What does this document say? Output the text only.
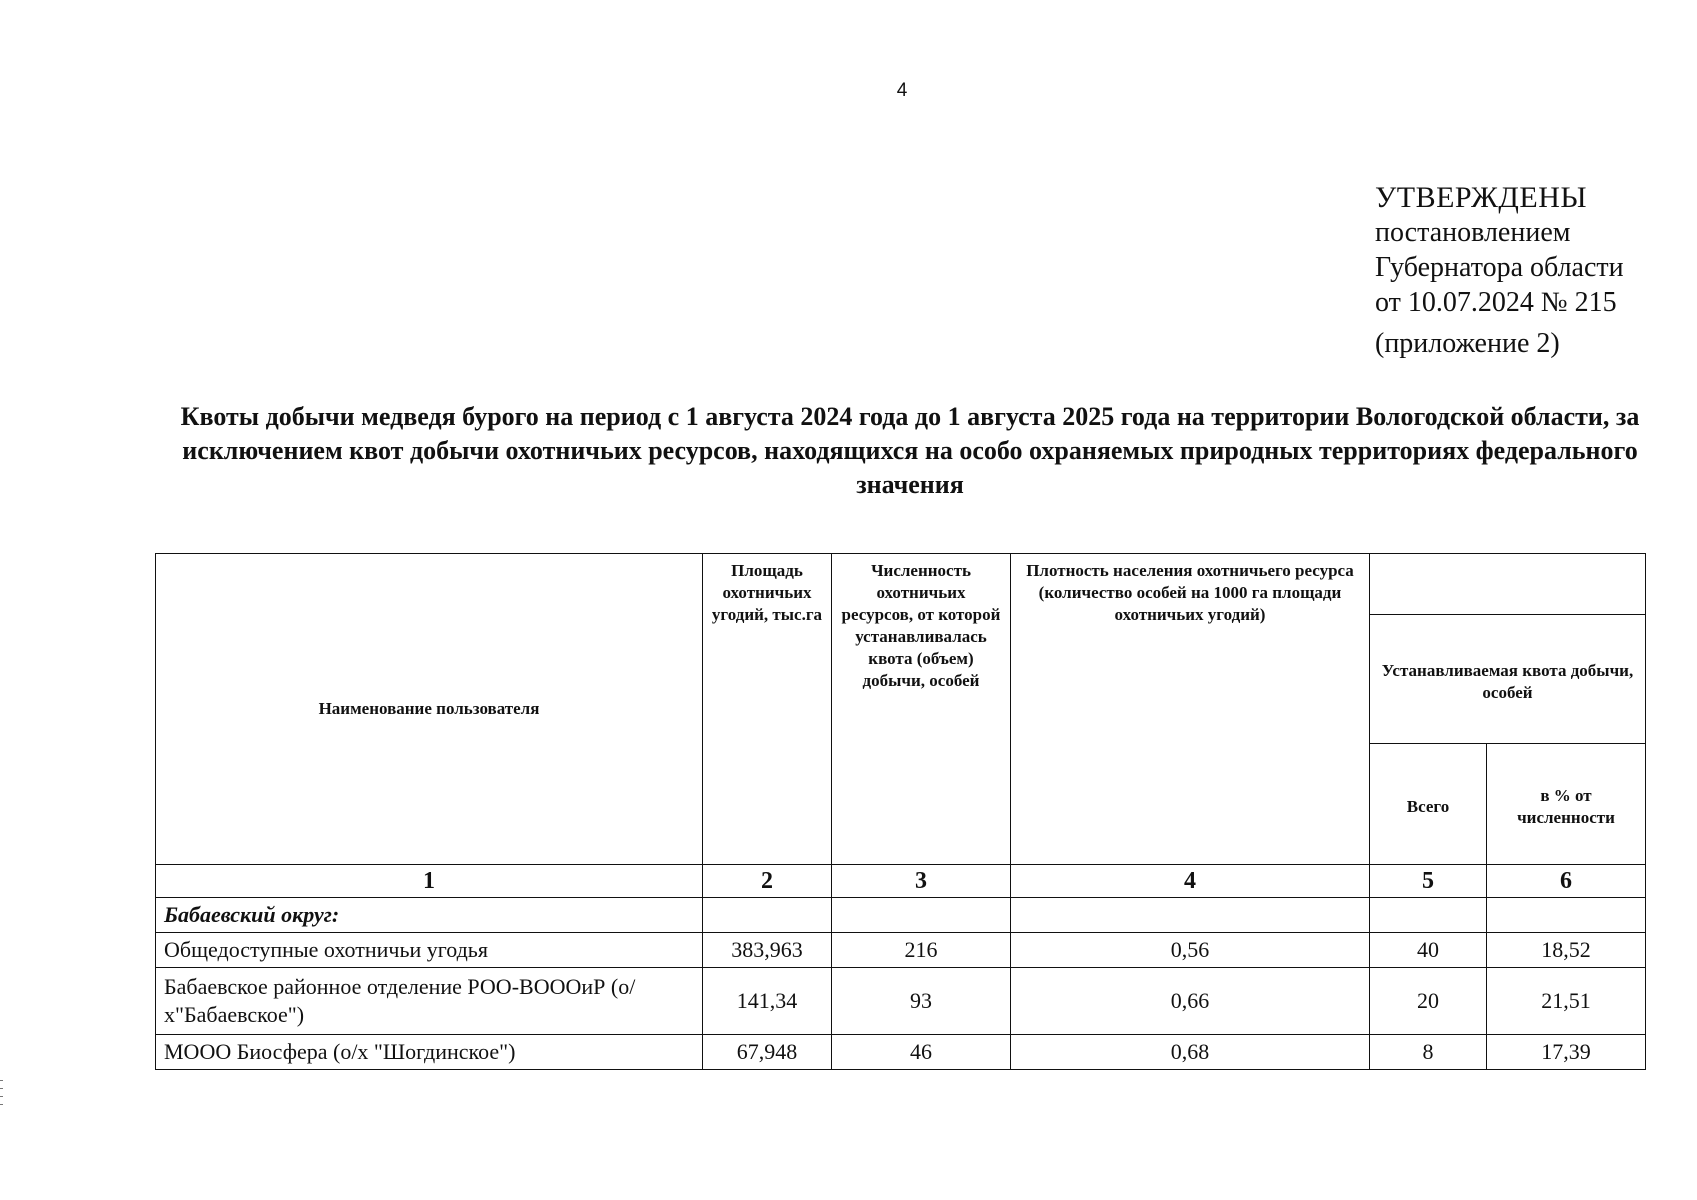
4
УТВЕРЖДЕНЫ
постановлением
Губернатора области
от 10.07.2024 № 215
(приложение 2)
Квоты добычи медведя бурого на период с 1 августа 2024 года до 1 августа 2025 года на территории Вологодской области, за исключением квот добычи охотничьих ресурсов, находящихся на особо охраняемых природных территориях федерального значения
Наименование пользователя	Площадь охотничьих угодий, тыс.га	Численность охотничьих ресурсов, от которой устанавливалась квота (объем) добычи, особей	Плотность населения охотничьего ресурса (количество особей на 1000 га площади охотничьих угодий)		
				Устанавливаемая квота добычи, особей	
				Всего	в % от численности
1	2	3	4	5	6
Бабаевский округ:					
Общедоступные охотничьи угодья	383,963	216	0,56	40	18,52
Бабаевское районное отделение РОО-ВОООиР (о/х"Бабаевское")	141,34	93	0,66	20	21,51
МООО Биосфера (о/х "Шогдинское")	67,948	46	0,68	8	17,39
